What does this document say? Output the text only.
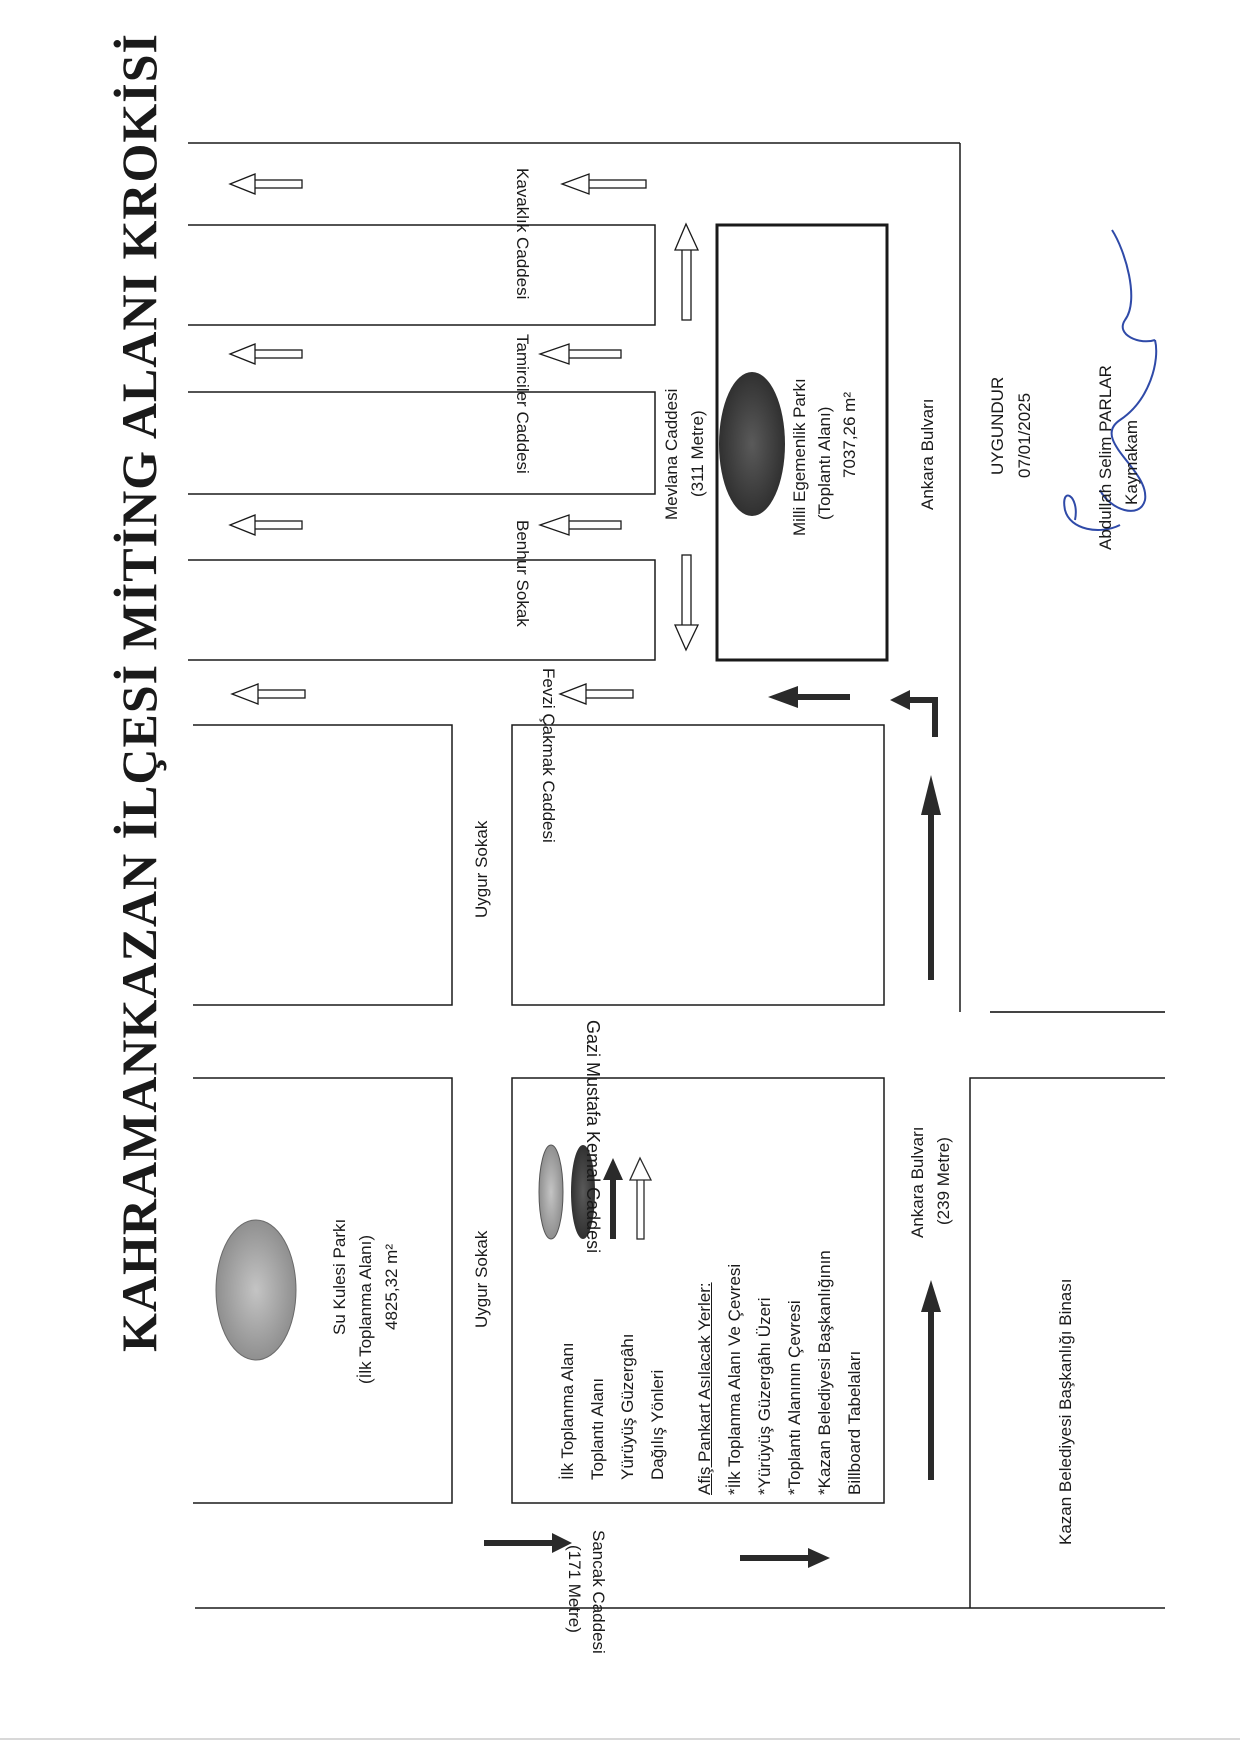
KAHRAMANKAZAN İLÇESİ MİTİNG ALANI KROKİSİ	Kavaklık Caddesi
Tamirciler Caddesi
Benhur Sokak
Fevzi Çakmak Caddesi
Gazi Mustafa Kemal Caddesi
Sancak Caddesi
(171 Metre)
Mevlana Caddesi (311 Metre)	Milli Egemenlik Parkı (Toplantı Alanı) 7037,26 m²	Ankara Bulvarı
Uygur Sokak
Uygur Sokak
Su Kulesi Parkı (İlk Toplanma Alanı) 4825,32 m²
Ankara Bulvarı (239 Metre)
Kazan Belediyesi Başkanlığı Binası
İlk Toplanma Alanı Toplantı Alanı Yürüyüş Güzergâhı Dağılış Yönleri	Afiş Pankart Asılacak Yerler: *İlk Toplanma Alanı Ve Çevresi *Yürüyüş Güzergâhı Üzeri *Toplantı Alanının Çevresi *Kazan Belediyesi Başkanlığının Billboard Tabelaları
UYGUNDUR 07/01/2025	Abdullah Selim PARLAR Kaymakam
